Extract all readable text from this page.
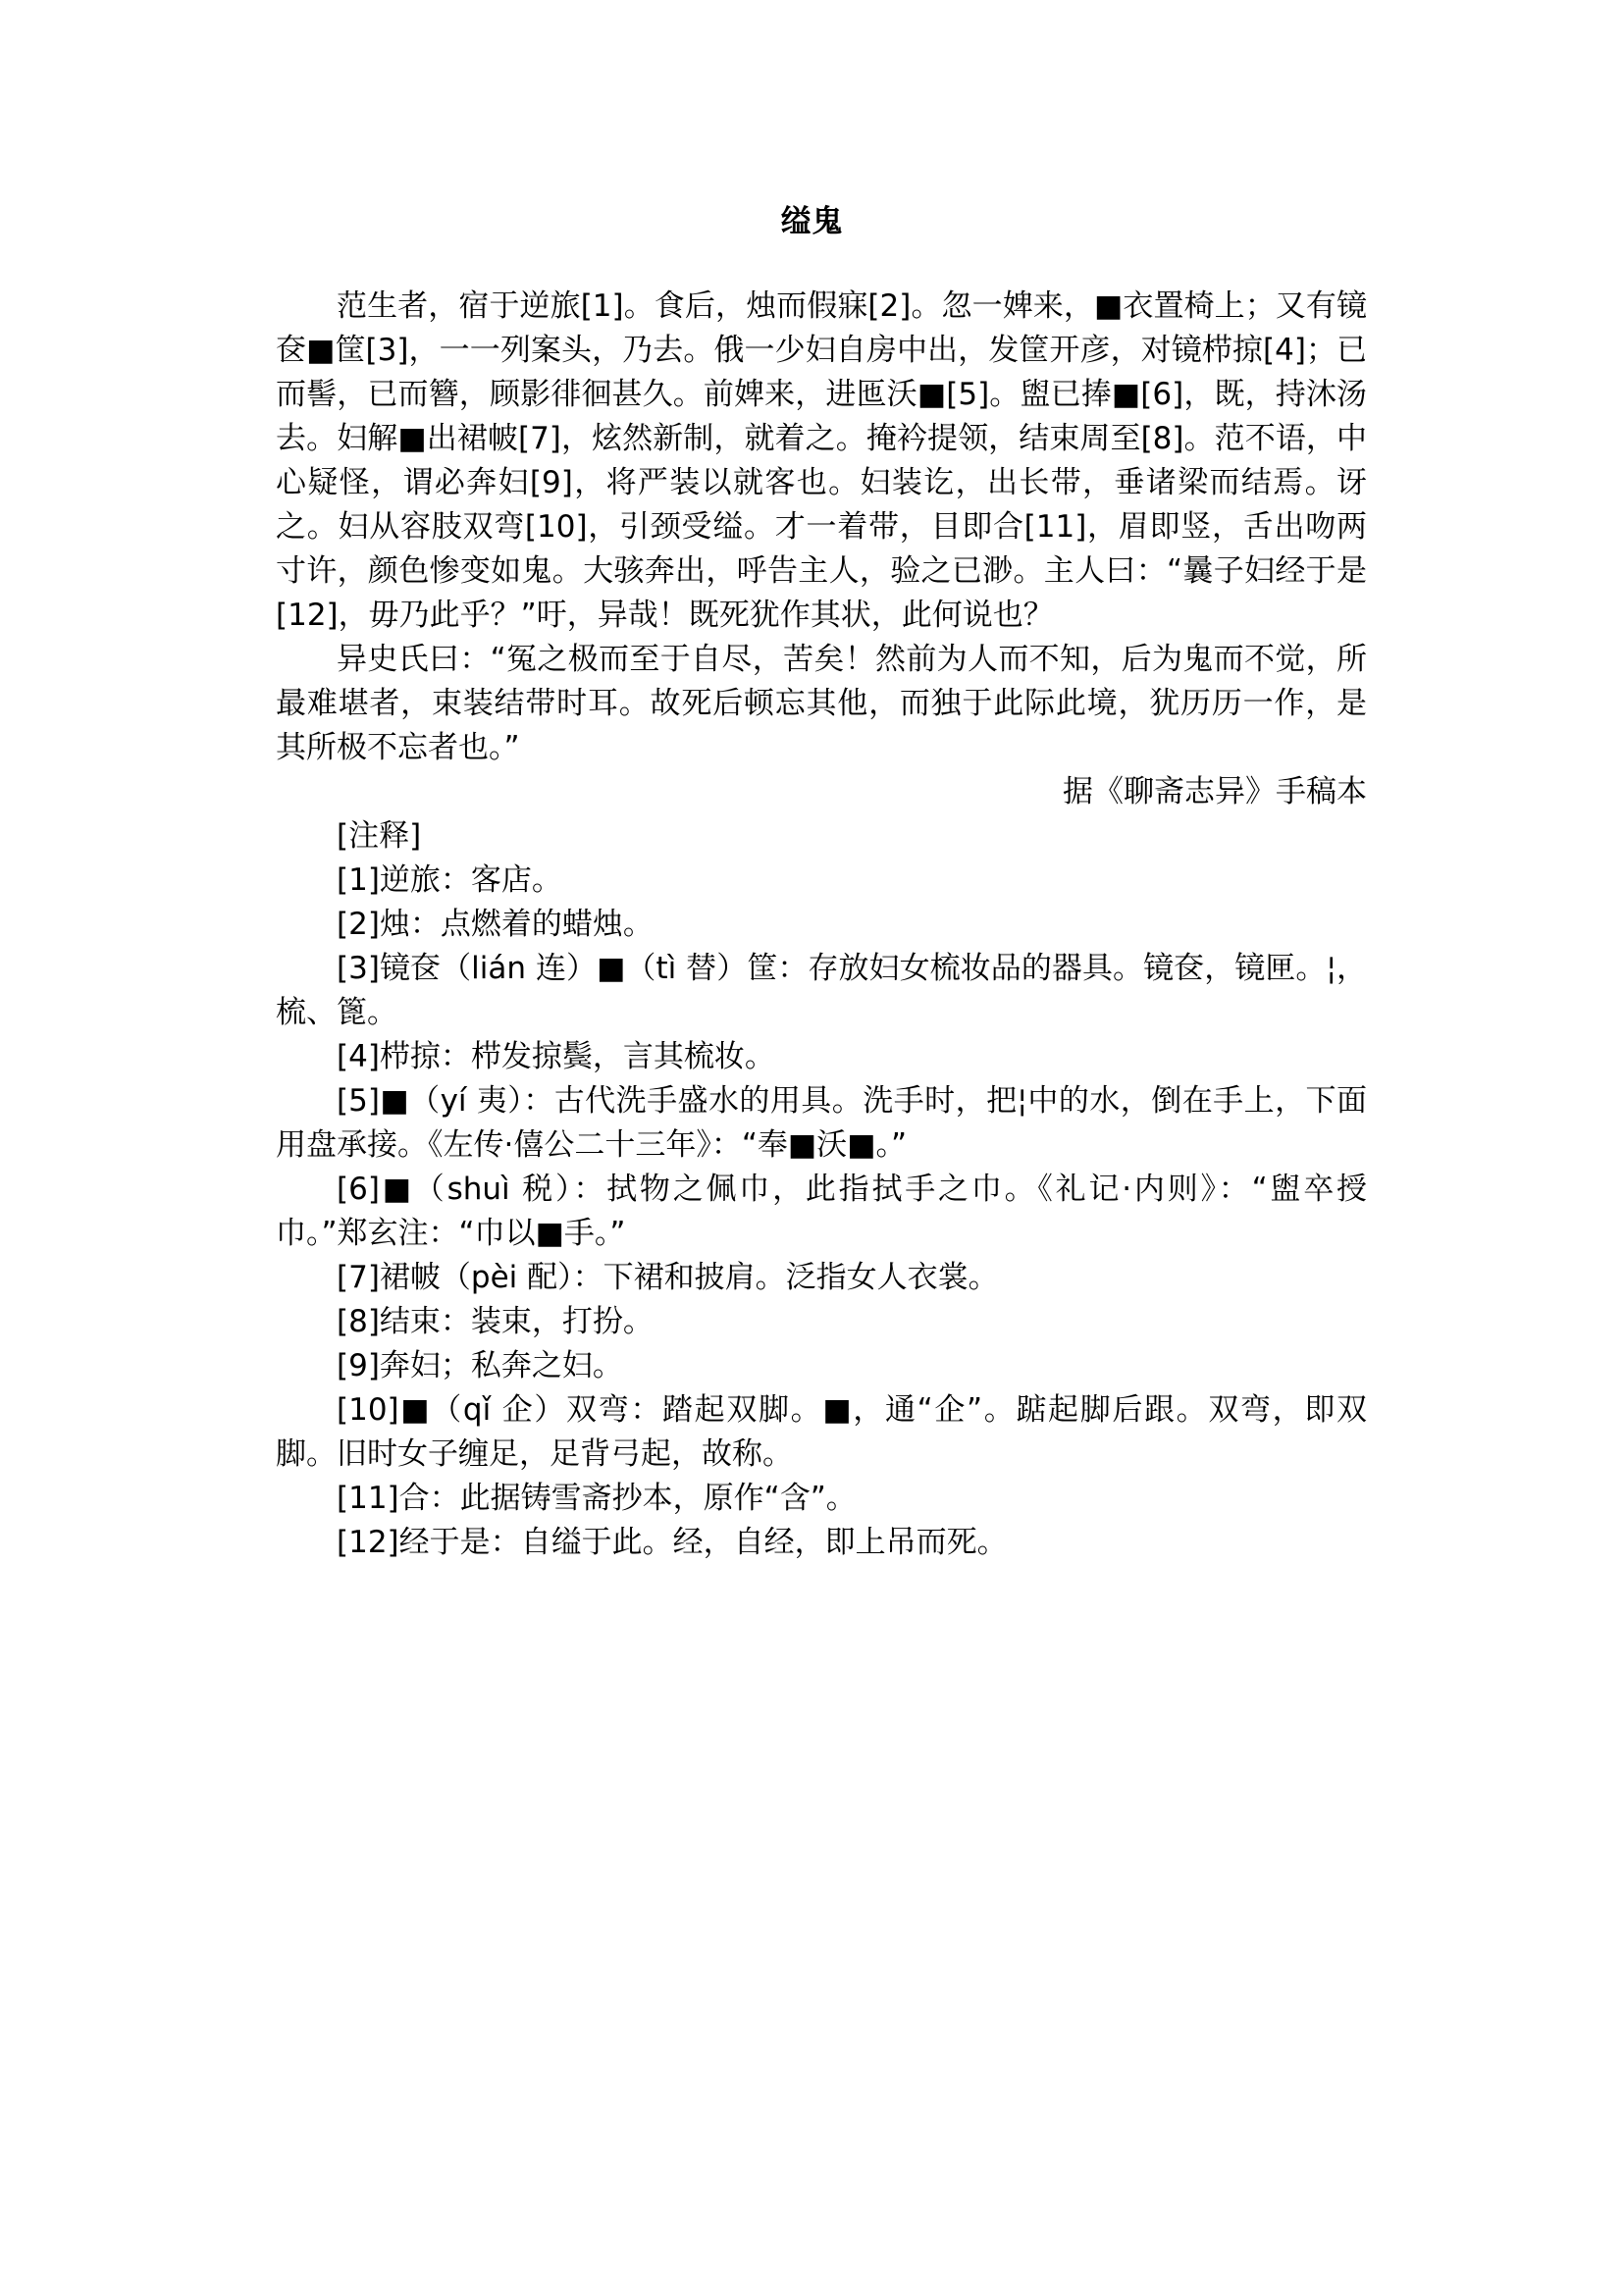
缢鬼

范生者，宿于逆旅[1]。食后，烛而假寐[2]。忽一婢来，■衣置椅上；又有镜奁■筐[3]，一一列案头，乃去。俄一少妇自房中出，发筐开彦，对镜栉掠[4]；已而髻，已而簪，顾影徘徊甚久。前婢来，进匜沃■[5]。盥已捧■[6]，既，持沐汤去。妇解■出裙帔[7]，炫然新制，就着之。掩衿提领，结束周至[8]。范不语，中心疑怪，谓必奔妇[9]，将严装以就客也。妇装讫，出长带，垂诸梁而结焉。讶之。妇从容肢双弯[10]，引颈受缢。才一着带，目即合[11]，眉即竖，舌出吻两寸许，颜色惨变如鬼。大骇奔出，呼告主人，验之已渺。主人曰：“曩子妇经于是[12]，毋乃此乎？”吁，异哉！既死犹作其状，此何说也？

异史氏曰：“冤之极而至于自尽，苦矣！然前为人而不知，后为鬼而不觉，所最难堪者，束装结带时耳。故死后顿忘其他，而独于此际此境，犹历历一作，是其所极不忘者也。”

据《聊斋志异》手稿本

[注释]

[1]逆旅：客店。

[2]烛：点燃着的蜡烛。

[3]镜奁（lián 连）■（tì 替）筐：存放妇女梳妆品的器具。镜奁，镜匣。¦，梳、篦。

[4]栉掠：栉发掠鬓，言其梳妆。

[5]■（yí 夷）：古代洗手盛水的用具。洗手时，把¦中的水，倒在手上，下面用盘承接。《左传·僖公二十三年》：“奉■沃■。”

[6]■（shuì 税）：拭物之佩巾，此指拭手之巾。《礼记·内则》：“盥卒授巾。”郑玄注：“巾以■手。”

[7]裙帔（pèi 配）：下裙和披肩。泛指女人衣裳。

[8]结束：装束，打扮。

[9]奔妇；私奔之妇。

[10]■（qǐ 企）双弯：踏起双脚。■，通“企”。踮起脚后跟。双弯，即双脚。旧时女子缠足，足背弓起，故称。

[11]合：此据铸雪斋抄本，原作“含”。

[12]经于是：自缢于此。经，自经，即上吊而死。
